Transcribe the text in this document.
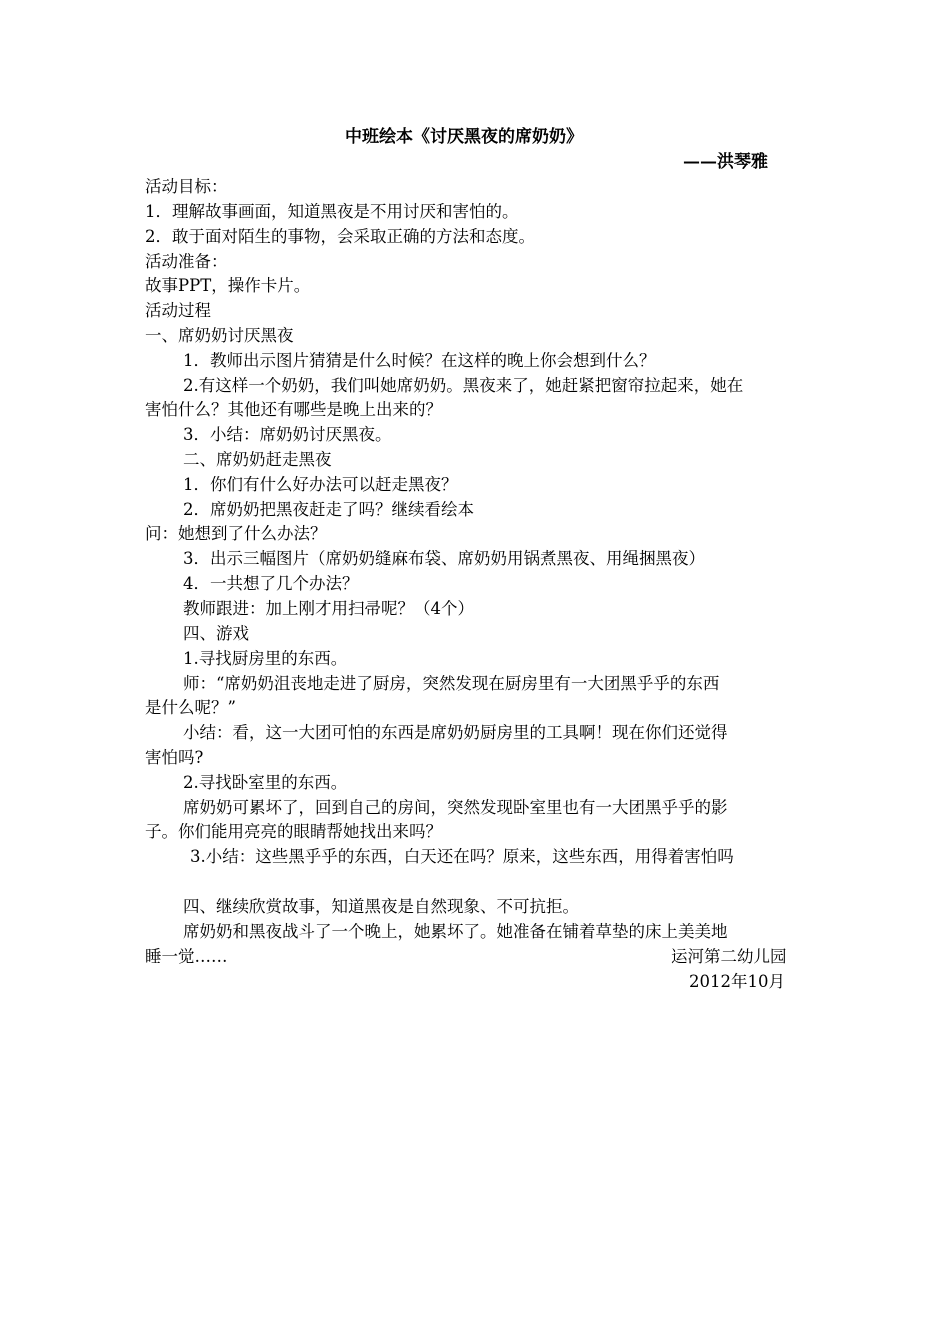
中班绘本《讨厌黑夜的席奶奶》
——洪琴雅
活动目标：
1．理解故事画面，知道黑夜是不用讨厌和害怕的。
2．敢于面对陌生的事物，会采取正确的方法和态度。
活动准备：
故事PPT，操作卡片。
活动过程
一、席奶奶讨厌黑夜
1．教师出示图片猜猜是什么时候？在这样的晚上你会想到什么？
2.有这样一个奶奶，我们叫她席奶奶。黑夜来了，她赶紧把窗帘拉起来，她在
害怕什么？其他还有哪些是晚上出来的？
3．小结：席奶奶讨厌黑夜。
二、席奶奶赶走黑夜
1．你们有什么好办法可以赶走黑夜？
2．席奶奶把黑夜赶走了吗？继续看绘本
问：她想到了什么办法？
3．出示三幅图片（席奶奶缝麻布袋、席奶奶用锅煮黑夜、用绳捆黑夜）
4．一共想了几个办法？
教师跟进：加上刚才用扫帚呢？（4个）
四、游戏
1.寻找厨房里的东西。
师：“席奶奶沮丧地走进了厨房，突然发现在厨房里有一大团黑乎乎的东西
是什么呢？”
小结：看，这一大团可怕的东西是席奶奶厨房里的工具啊！现在你们还觉得
害怕吗?
2.寻找卧室里的东西。
席奶奶可累坏了，回到自己的房间，突然发现卧室里也有一大团黑乎乎的影
子。你们能用亮亮的眼睛帮她找出来吗？
3.小结：这些黑乎乎的东西，白天还在吗？原来，这些东西，用得着害怕吗
四、继续欣赏故事，知道黑夜是自然现象、不可抗拒。
席奶奶和黑夜战斗了一个晚上，她累坏了。她准备在铺着草垫的床上美美地
睡一觉……	运河第二幼儿园
2012年10月
